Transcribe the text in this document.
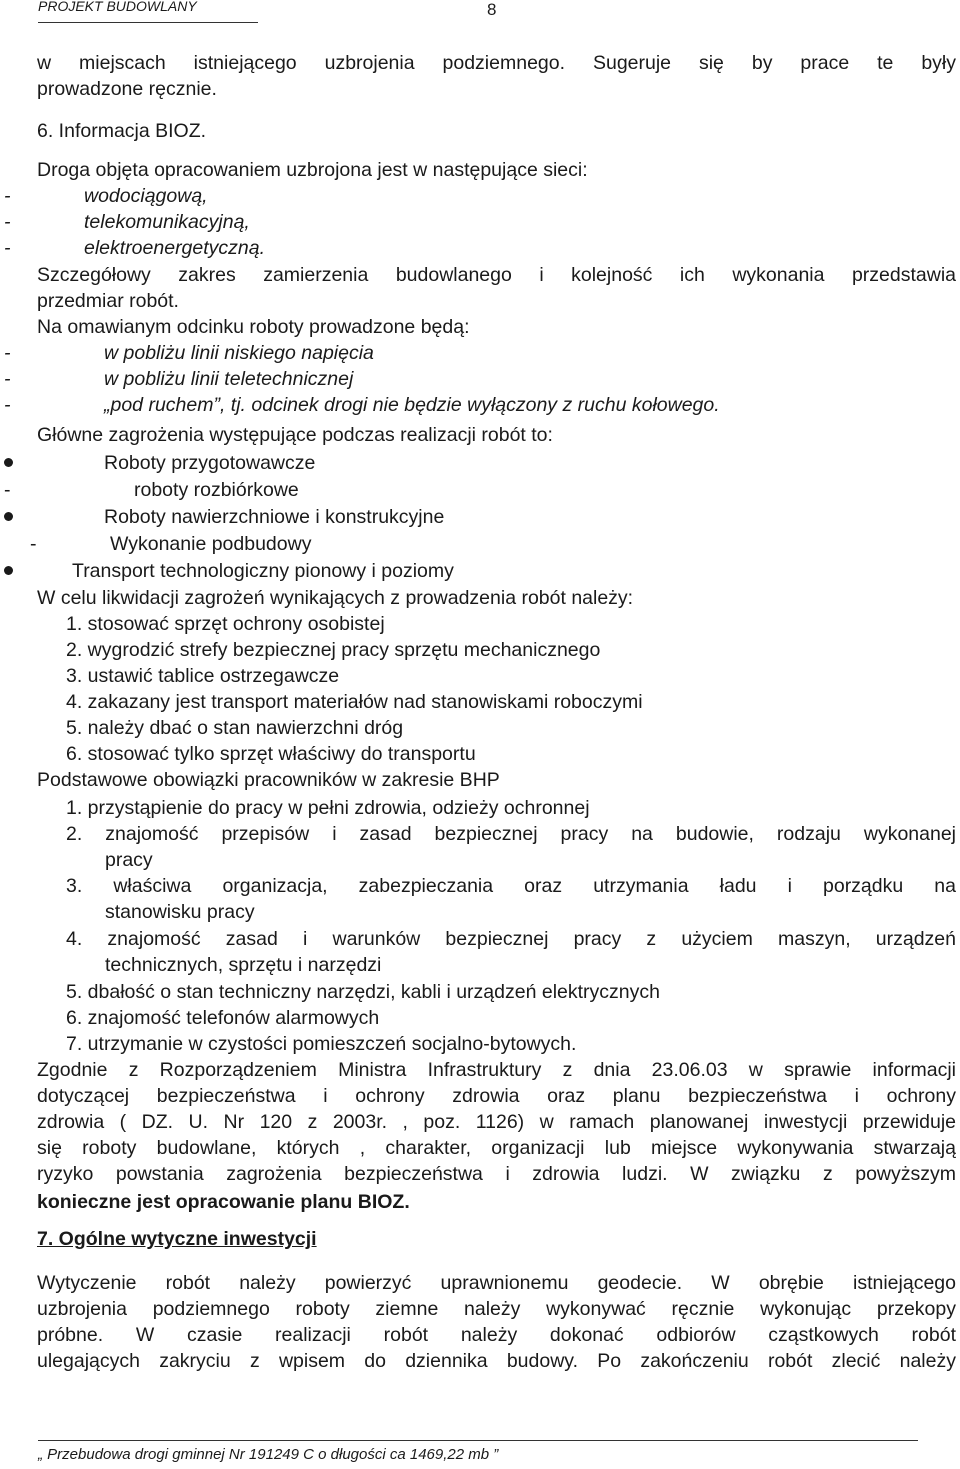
PROJEKT BUDOWLANY	8
w miejscach istniejącego uzbrojenia podziemnego. Sugeruje się by prace te były
prowadzone ręcznie.
6. Informacja BIOZ.
Droga objęta opracowaniem uzbrojona jest w następujące sieci:
-	wodociągową,
-	telekomunikacyjną,
-	elektroenergetyczną.
Szczegółowy zakres zamierzenia budowlanego i kolejność ich wykonania przedstawia
przedmiar robót.
Na omawianym odcinku roboty prowadzone będą:
-	w pobliżu linii niskiego napięcia
-	w pobliżu linii teletechnicznej
-	„pod ruchem”, tj. odcinek drogi nie będzie wyłączony z ruchu kołowego.
Główne zagrożenia występujące podczas realizacji robót to:
Roboty przygotowawcze
-	roboty rozbiórkowe
Roboty nawierzchniowe i konstrukcyjne
-	Wykonanie podbudowy
Transport technologiczny pionowy i poziomy
W celu likwidacji zagrożeń wynikających z prowadzenia robót należy:
1. stosować sprzęt ochrony osobistej
2. wygrodzić strefy bezpiecznej pracy sprzętu mechanicznego
3. ustawić tablice ostrzegawcze
4. zakazany jest transport materiałów nad stanowiskami roboczymi
5. należy dbać o stan nawierzchni dróg
6. stosować tylko sprzęt właściwy do transportu
Podstawowe obowiązki pracowników w zakresie BHP
1. przystąpienie do pracy w pełni zdrowia, odzieży ochronnej
2. znajomość przepisów i zasad bezpiecznej pracy na budowie, rodzaju wykonanej
pracy
3. właściwa organizacja, zabezpieczania oraz utrzymania ładu i porządku na
stanowisku pracy
4. znajomość zasad i warunków bezpiecznej pracy z użyciem maszyn, urządzeń
technicznych, sprzętu i narzędzi
5. dbałość o stan techniczny narzędzi, kabli i urządzeń elektrycznych
6. znajomość telefonów alarmowych
7. utrzymanie w czystości pomieszczeń socjalno-bytowych.
Zgodnie z Rozporządzeniem Ministra Infrastruktury z dnia 23.06.03 w sprawie informacji
dotyczącej bezpieczeństwa i ochrony zdrowia oraz planu bezpieczeństwa i ochrony
zdrowia ( DZ. U. Nr 120 z 2003r. , poz. 1126) w ramach planowanej inwestycji przewiduje
się roboty budowlane, których , charakter, organizacji lub miejsce wykonywania stwarzają
ryzyko powstania zagrożenia bezpieczeństwa i zdrowia ludzi. W związku z powyższym
konieczne jest opracowanie planu BIOZ.
7. Ogólne wytyczne inwestycji
Wytyczenie robót należy powierzyć uprawnionemu geodecie. W obrębie istniejącego
uzbrojenia podziemnego roboty ziemne należy wykonywać ręcznie wykonując przekopy
próbne. W czasie realizacji robót należy dokonać odbiorów cząstkowych robót
ulegających zakryciu z wpisem do dziennika budowy. Po zakończeniu robót zlecić należy
„ Przebudowa drogi gminnej Nr 191249 C o długości ca 1469,22 mb ”
